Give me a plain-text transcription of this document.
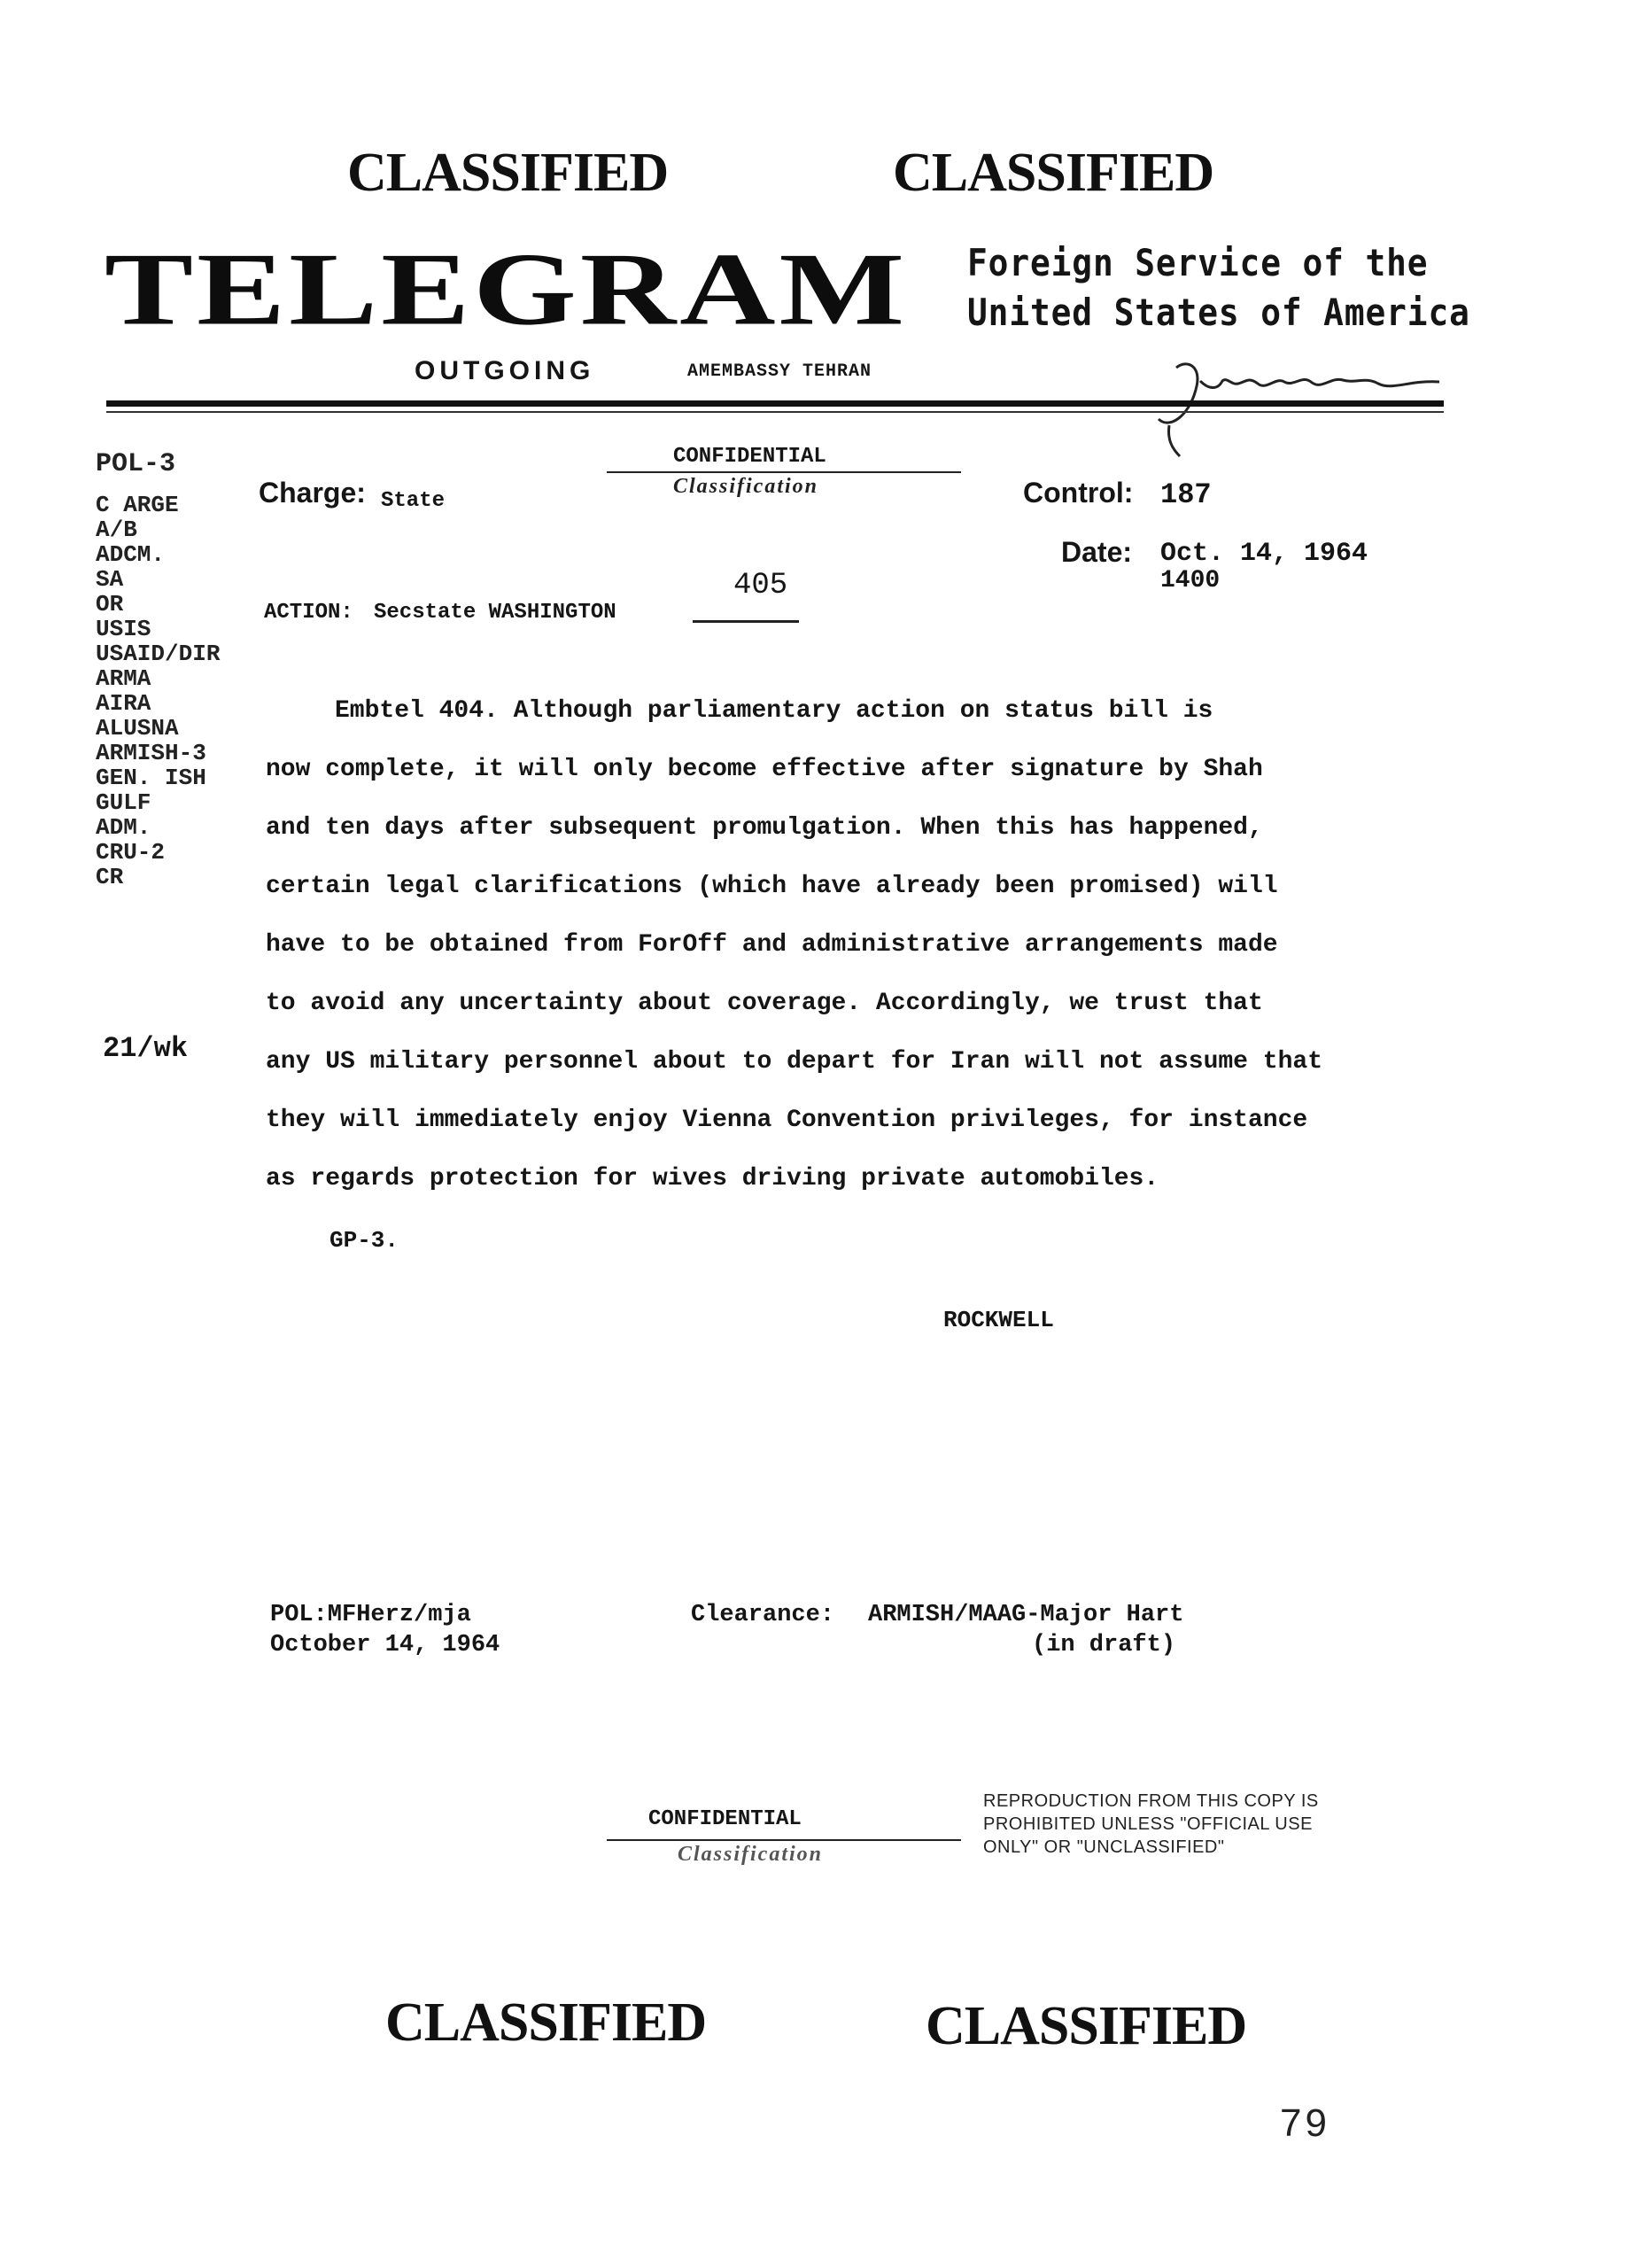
CLASSIFIED	CLASSIFIED
TELEGRAM Foreign Service of the
United States of America
OUTGOING	AMEMBASSY TEHRAN
CONFIDENTIAL
Classification
Charge: State	Control: 187
Date: Oct. 14, 1964
1400
ACTION: Secstate WASHINGTON
405
POL-3
C ARGE
A/B
ADCM.
SA
OR
USIS
USAID/DIR
ARMA
AIRA
ALUSNA
ARMISH-3
GEN. ISH
GULF
ADM.
CRU-2
CR
21/wk
Embtel 404. Although parliamentary action on status bill is
now complete, it will only become effective after signature by Shah
and ten days after subsequent promulgation. When this has happened,
certain legal clarifications (which have already been promised) will
have to be obtained from ForOff and administrative arrangements made
to avoid any uncertainty about coverage. Accordingly, we trust that
any US military personnel about to depart for Iran will not assume that
they will immediately enjoy Vienna Convention privileges, for instance
as regards protection for wives driving private automobiles.
GP-3.
ROCKWELL
POL:MFHerz/mja
October 14, 1964
Clearance: ARMISH/MAAG-Major Hart
(in draft)
CONFIDENTIAL
Classification
REPRODUCTION FROM THIS COPY IS
PROHIBITED UNLESS "OFFICIAL USE
ONLY" OR "UNCLASSIFIED"
CLASSIFIED	CLASSIFIED
79
